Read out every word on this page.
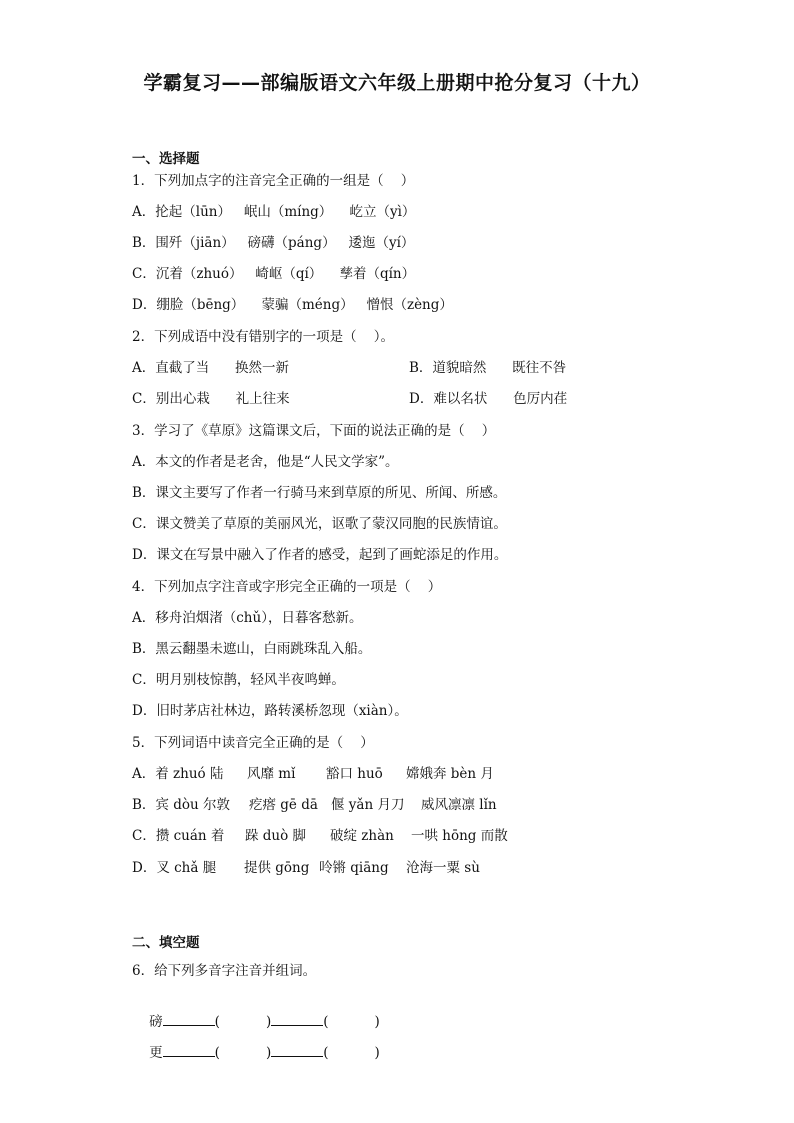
学霸复习——部编版语文六年级上册期中抢分复习（十九）
一、选择题
1．下列加点字的注音完全正确的一组是（    ）
A．抡起（lūn）   岷山（míng）    屹立（yì）
B．围歼（jiān）   磅礴（páng）   逶迤（yí）
C．沉着（zhuó）   崎岖（qí）    孳着（qín）
D．绷脸（bēng）    蒙骗（méng）   憎恨（zèng）
2．下列成语中没有错别字的一项是（    ）。
A．直截了当      换然一新	B．道貌暗然      既往不咎
C．别出心栽      礼上往来	D．难以名状      色厉内荏
3．学习了《草原》这篇课文后，下面的说法正确的是（    ）
A．本文的作者是老舍，他是“人民文学家”。
B．课文主要写了作者一行骑马来到草原的所见、所闻、所感。
C．课文赞美了草原的美丽风光，讴歌了蒙汉同胞的民族情谊。
D．课文在写景中融入了作者的感受，起到了画蛇添足的作用。
4．下列加点字注音或字形完全正确的一项是（    ）
A．移舟泊烟渚（chǔ），日暮客愁新。
B．黑云翻墨未遮山，白雨跳珠乱入船。
C．明月别枝惊鹊，轻风半夜鸣蝉。
D．旧时茅店社林边，路转溪桥忽现（xiàn）。
5．下列词语中读音完全正确的是（    ）
A．着 zhuó 陆 风靡 mǐ 豁口 huō 嫦娥奔 bèn 月
B．宾 dòu 尔敦 疙瘩 gē dā 偃 yǎn 月刀 威风凛凛 lǐn
C．攒 cuán 着 跺 duò 脚 破绽 zhàn 一哄 hōng 而散
D．叉 chǎ 腿 提供 gōng 呤锵 qiāng 沧海一粟 sù
二、填空题
6．给下列多音字注音并组词。

磅	(	)	(	)

更	(	)	(	)
